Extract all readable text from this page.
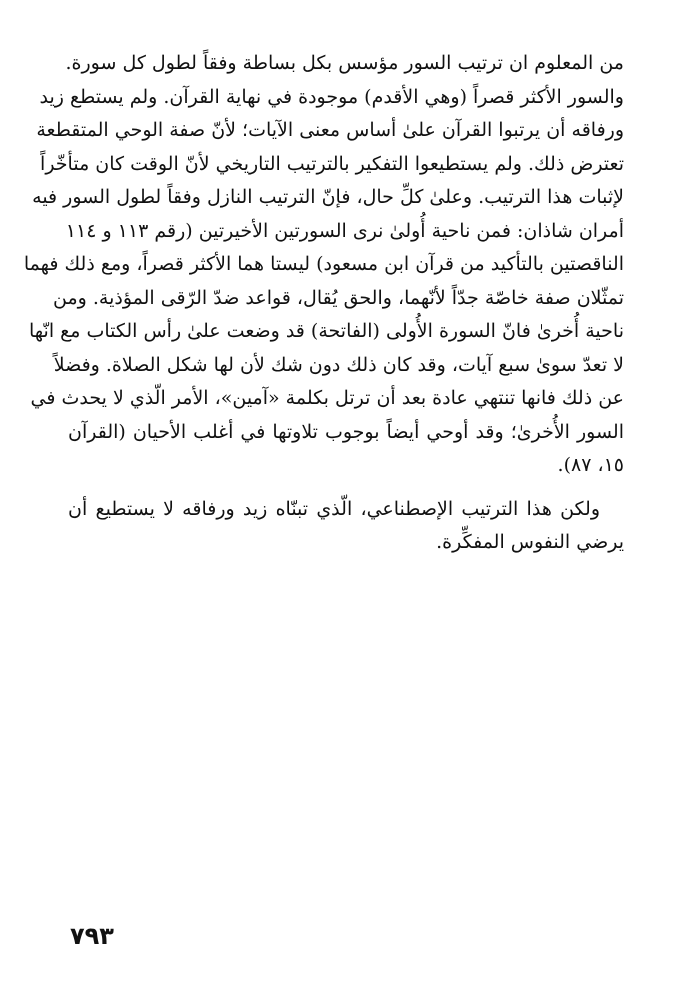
من المعلوم ان ترتيب السور مؤسس بكل بساطة وفقاً لطول كل سورة.
والسور الأكثر قصراً (وهي الأقدم) موجودة في نهاية القرآن. ولم يستطع زيد
ورفاقه أن يرتبوا القرآن علىٰ أساس معنى الآيات؛ لأنّ صفة الوحي المتقطعة
تعترض ذلك. ولم يستطيعوا التفكير بالترتيب التاريخي لأنّ الوقت كان متأخّراً
لإثبات هذا الترتيب. وعلىٰ كلِّ حال، فإنّ الترتيب النازل وفقاً لطول السور فيه
أمران شاذان: فمن ناحية أُولىٰ نرى السورتين الأخيرتين (رقم ١١٣ و ١١٤
الناقصتين بالتأكيد من قرآن ابن مسعود) ليستا هما الأكثر قصراً، ومع ذلك فهما
تمثّلان صفة خاصّة جدّاً لأنّهما، والحق يُقال، قواعد ضدّ الرّقى المؤذية. ومن
ناحية أُخرىٰ فانّ السورة الأُولى (الفاتحة) قد وضعت علىٰ رأس الكتاب مع انّها
لا تعدّ سوىٰ سبع آيات، وقد كان ذلك دون شك لأن لها شكل الصلاة. وفضلاً
عن ذلك فانها تنتهي عادة بعد أن ترتل بكلمة «آمين»، الأمر الّذي لا يحدث في
السور الأُخرىٰ؛ وقد أوحي أيضاً بوجوب تلاوتها في أغلب الأحيان (القرآن
١٥، ٨٧).
ولكن هذا الترتيب الإصطناعي، الّذي تبنّاه زيد ورفاقه لا يستطيع أن
يرضي النفوس المفكِّرة.
٧٩٣
